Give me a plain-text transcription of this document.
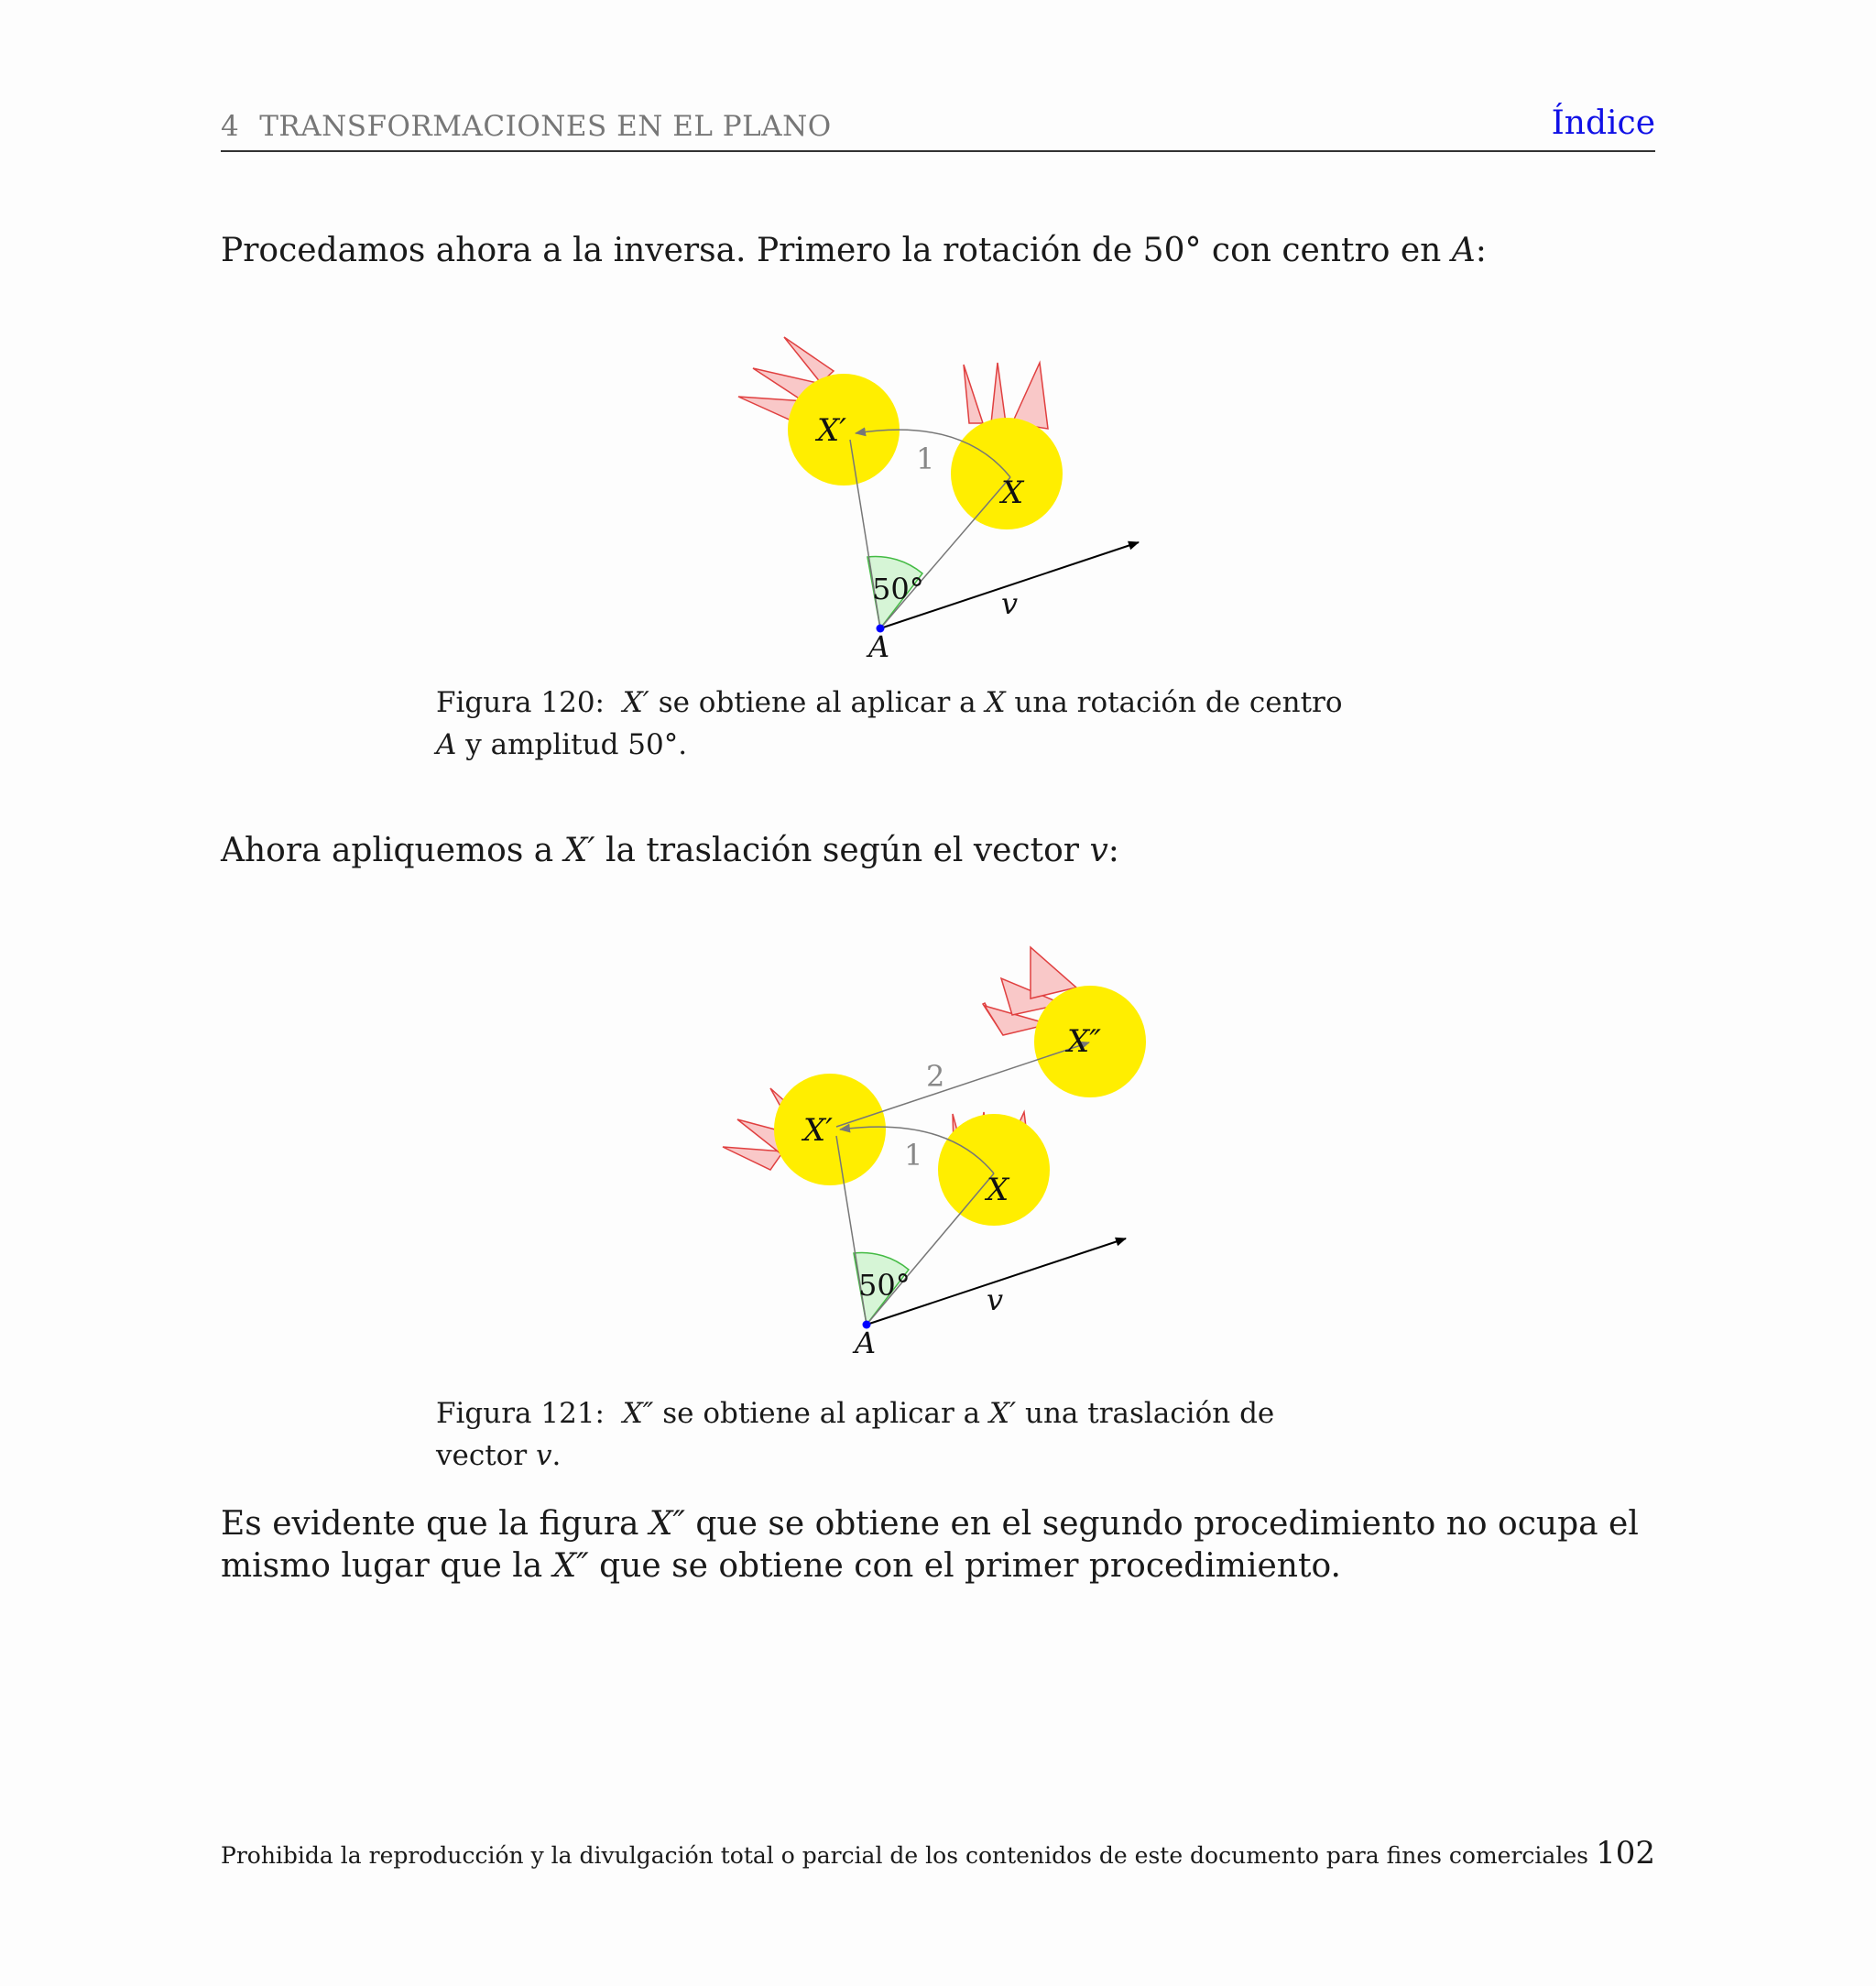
4 TRANSFORMACIONES EN EL PLANO	Índice
Procedamos ahora a la inversa. Primero la rotación de 50° con centro en A:
X′
X
1
50°	v
A
Figura 120: X′ se obtiene al aplicar a X una rotación de centro A y amplitud 50°.
Ahora apliquemos a X′ la traslación según el vector v:
X″
2
X′
1
X
50°	v
A
Figura 121: X″ se obtiene al aplicar a X′ una traslación de vector v.
Es evidente que la figura X″ que se obtiene en el segundo procedimiento no ocupa el mismo lugar que la X″ que se obtiene con el primer procedimiento.
Prohibida la reproducción y la divulgación total o parcial de los contenidos de este documento para fines comerciales 102
